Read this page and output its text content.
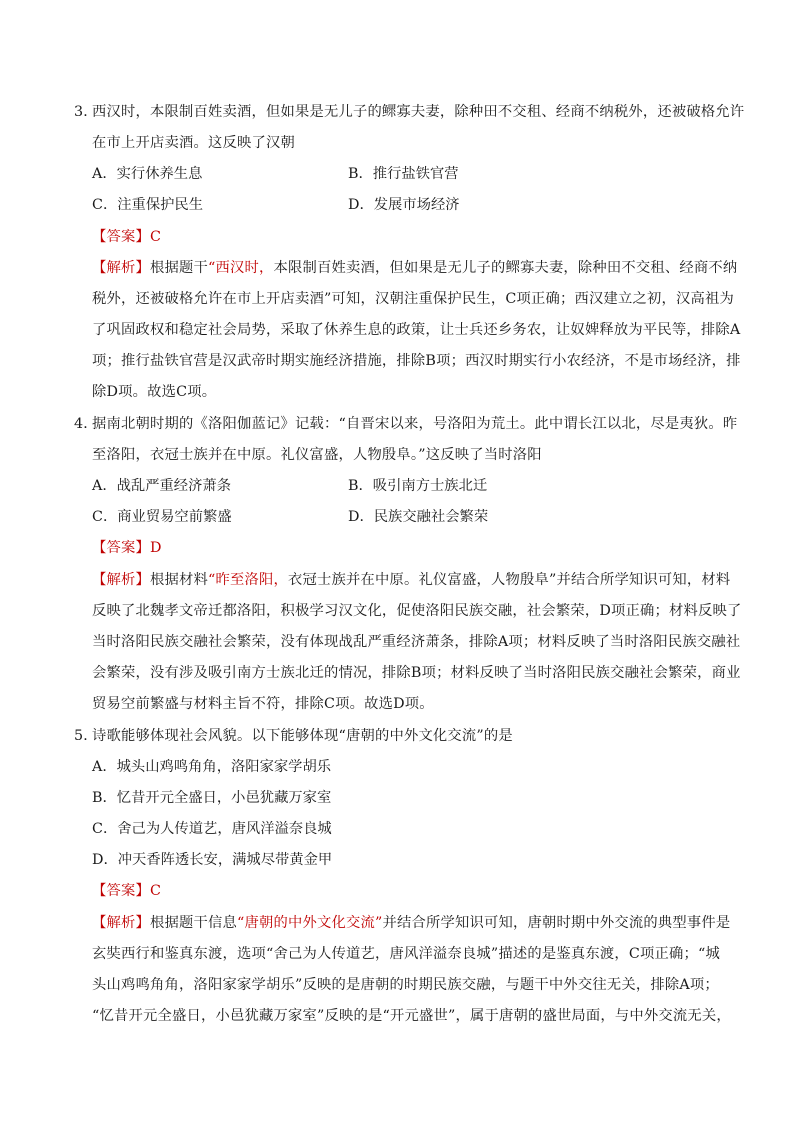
3．
西汉时，本限制百姓卖酒，但如果是无儿子的鳏寡夫妻，除种田不交租、经商不纳税外，还被破格允许
在市上开店卖酒。这反映了汉朝
A．实行休养生息	B．推行盐铁官营
C．注重保护民生	D．发展市场经济
【答案】C
【解析】根据题干“西汉时，本限制百姓卖酒，但如果是无儿子的鳏寡夫妻，除种田不交租、经商不纳
税外，还被破格允许在市上开店卖酒”可知，汉朝注重保护民生，C项正确；西汉建立之初，汉高祖为
了巩固政权和稳定社会局势，采取了休养生息的政策，让士兵还乡务农，让奴婢释放为平民等，排除A
项；推行盐铁官营是汉武帝时期实施经济措施，排除B项；西汉时期实行小农经济，不是市场经济，排
除D项。故选C项。
4．
据南北朝时期的《洛阳伽蓝记》记载：“自晋宋以来，号洛阳为荒土。此中谓长江以北，尽是夷狄。昨
至洛阳，衣冠士族并在中原。礼仪富盛，人物殷阜。”这反映了当时洛阳
A．战乱严重经济萧条	B．吸引南方士族北迁
C．商业贸易空前繁盛	D．民族交融社会繁荣
【答案】D
【解析】根据材料“昨至洛阳，衣冠士族并在中原。礼仪富盛，人物殷阜”并结合所学知识可知，材料
反映了北魏孝文帝迁都洛阳，积极学习汉文化，促使洛阳民族交融，社会繁荣，D项正确；材料反映了
当时洛阳民族交融社会繁荣，没有体现战乱严重经济萧条，排除A项；材料反映了当时洛阳民族交融社
会繁荣，没有涉及吸引南方士族北迁的情况，排除B项；材料反映了当时洛阳民族交融社会繁荣，商业
贸易空前繁盛与材料主旨不符，排除C项。故选D项。
5．
诗歌能够体现社会风貌。以下能够体现“唐朝的中外文化交流”的是
A．城头山鸡鸣角角，洛阳家家学胡乐
B．忆昔开元全盛日，小邑犹藏万家室
C．舍己为人传道艺，唐风洋溢奈良城
D．冲天香阵透长安，满城尽带黄金甲
【答案】C
【解析】根据题干信息“唐朝的中外文化交流”并结合所学知识可知，唐朝时期中外交流的典型事件是
玄奘西行和鉴真东渡，选项“舍己为人传道艺，唐风洋溢奈良城”描述的是鉴真东渡，C项正确；“城
头山鸡鸣角角，洛阳家家学胡乐”反映的是唐朝的时期民族交融，与题干中外交往无关，排除A项；
“忆昔开元全盛日，小邑犹藏万家室”反映的是“开元盛世”，属于唐朝的盛世局面，与中外交流无关，
